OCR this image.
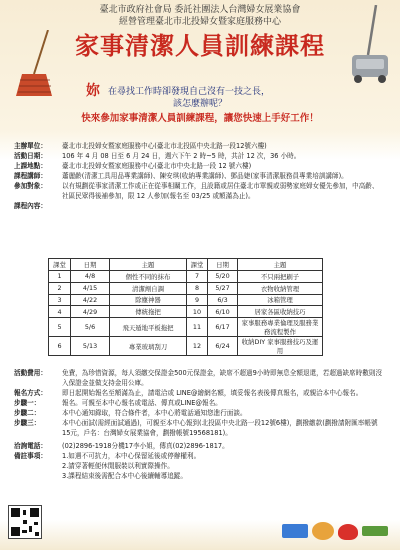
臺北市政府社會局 委託社團法人台灣婦女展業協會
經營管理臺北市北投婦女暨家庭服務中心
家事清潔人員訓練課程
妳 在尋找工作時卻發現自己沒有一技之長，
該怎麼辦呢？
快來參加家事清潔人員訓練課程，讓您快速上手好工作！
主辦單位：	臺北市北投婦女暨家庭服務中心(臺北市北投區中央北路一段12號六樓)
活動日期：	106 年 4 月 08 日至 6 月 24 日，週六下午 2 時~5 時，共計 12 次，36 小時。
上課地點：	臺北市北投婦女暨家庭服務中心(臺北市中央北路一段 12 號六樓)
課程講師：	蕭麗齡(清潔工具用品專業講師)、陳安琪(收納專業講師)、鄧品婕(家事清潔服務員專業培訓講師)。
參加對象：	以有規劃從事家清潔工作或正在從事相關工作，且設籍或居住臺北市單親或弱勢家庭婦女優先參加，中高齡、社區民眾得後補參加，限 12 人參加(報名至 03/25 或額滿為止)。
課程內容：
課堂	日期	主題	課堂	日期	主題
1	4/8	個性不同的抹布	7	5/20	不只兩把刷子
2	4/15	清潔劑自調	8	5/27	衣物收納管理
3	4/22	除塵神器	9	6/3	冰箱管理
4	4/29	傳統拖把	10	6/10	居家各區收納技巧
5	5/6	飛天遁地平板拖把	11	6/17	家事服務專業倫理及服務業務流程製作
6	5/13	專業玻璃刮刀	12	6/24	收納DIY 家事服務技巧及運用
活動費用：	免費，為珍惜資源，每人須繳交保證金500元保證金，缺席不超過9小時即無息全額退還，若超過缺席時數則沒入保證金並做支持金用公庫。
報名方式：	即日起開始報名至額滿為止，請電洽或 LINE@繪網名額，填妥報名表後傳真報名，或親洽本中心報名。
步驟一：	報名。可親至本中心報名或電話、傳真或LINE@報名。
步驟二：	本中心通知錄取，符合條件者，本中心將電話通知您進行面談。
步驟三：	本中心面試(需經面試通過)，可親至本中心報到(北投區中央北路一段12號6樓)，劃撥繳款(劃撥請附匯率帳號15元，戶名：台灣婦女展業協會，劃撥帳號19568181)。
洽詢電話：	(02)2896-1918分機17李小姐，傳真(02)2896-1817。
備註事項：	1.如遇不可抗力，本中心保留延後或停辦權利。
2.請穿著輕便休閒服裝以利實際操作。
3.課程結束後需配合本中心後續輔導追蹤。
